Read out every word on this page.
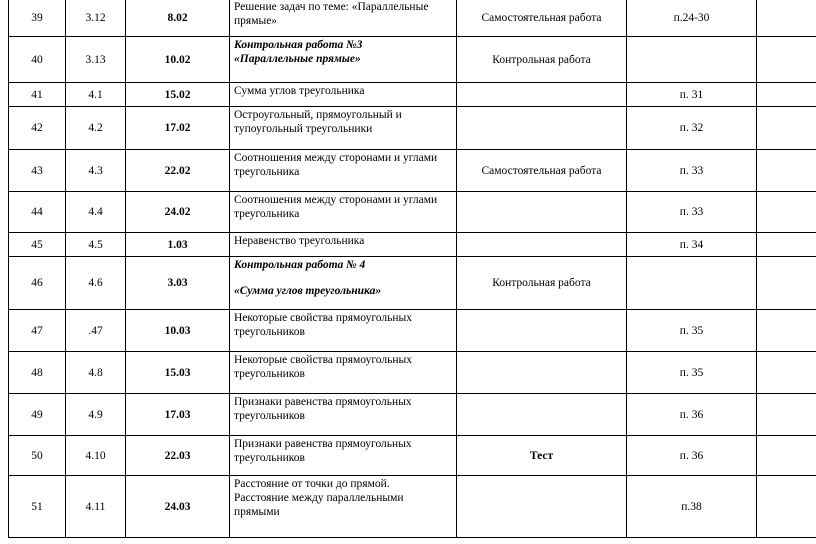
39	3.12	8.02	Решение задач по теме: «Параллельные прямые»	Самостоятельная работа	п.24-30	
40	3.13	10.02	Контрольная работа №3
«Параллельные прямые»	Контрольная работа		
41	4.1	15.02	Сумма углов треугольника		п. 31	
42	4.2	17.02	Остроугольный, прямоугольный и тупоугольный треугольники		п. 32	
43	4.3	22.02	Соотношения между сторонами и углами треугольника	Самостоятельная работа	п. 33	
44	4.4	24.02	Соотношения между сторонами и углами треугольника		п. 33	
45	4.5	1.03	Неравенство треугольника		п. 34	
46	4.6	3.03	Контрольная работа № 4
«Сумма углов треугольника»	Контрольная работа		
47	.47	10.03	Некоторые свойства прямоугольных треугольников		п. 35	
48	4.8	15.03	Некоторые свойства прямоугольных треугольников		п. 35	
49	4.9	17.03	Признаки равенства прямоугольных треугольников		п. 36	
50	4.10	22.03	Признаки равенства прямоугольных треугольников	Тест	п. 36	
51	4.11	24.03	Расстояние от точки до прямой.
Расстояние между параллельными прямыми		п.38	
